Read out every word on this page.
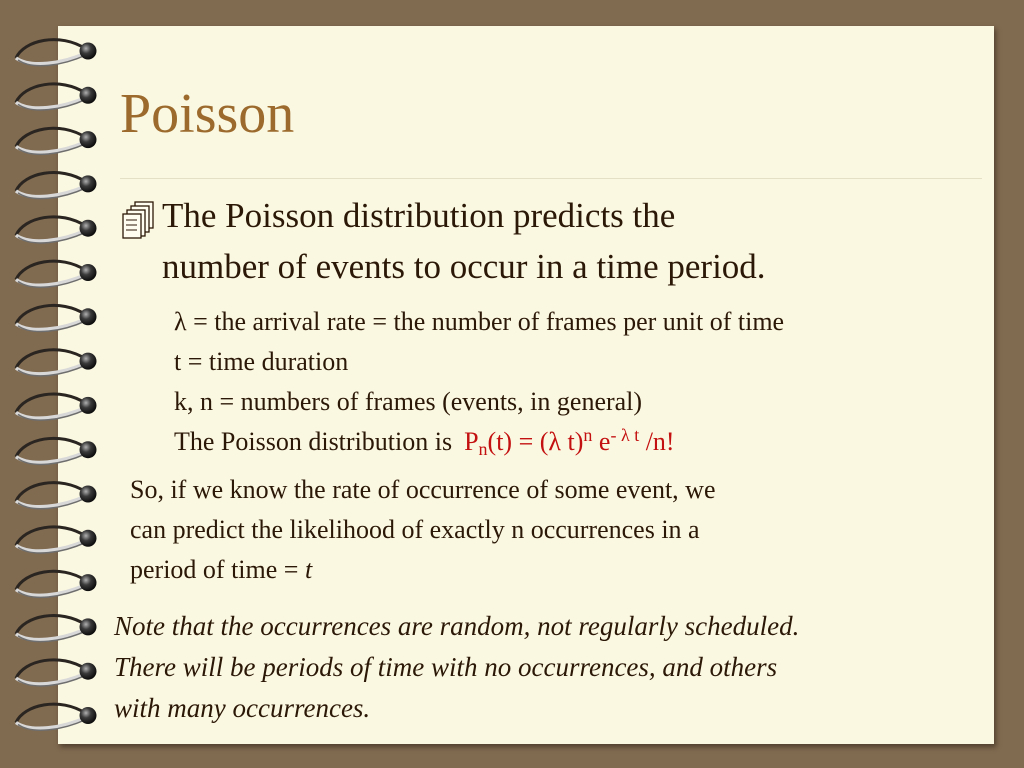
Poisson
The Poisson distribution predicts the
number of events to occur in a time period.
λ = the arrival rate = the number of frames per unit of time
t = time duration
k, n = numbers of frames (events, in general)
The Poisson distribution is $P_n(t) = (\lambda$ t)$^n$ $e^{- \lambda t}$ /n!
So, if we know the rate of occurrence of some event, we
can predict the likelihood of exactly n occurrences in a
period of time = t
Note that the occurrences are random, not regularly scheduled.
There will be periods of time with no occurrences, and others
with many occurrences.
